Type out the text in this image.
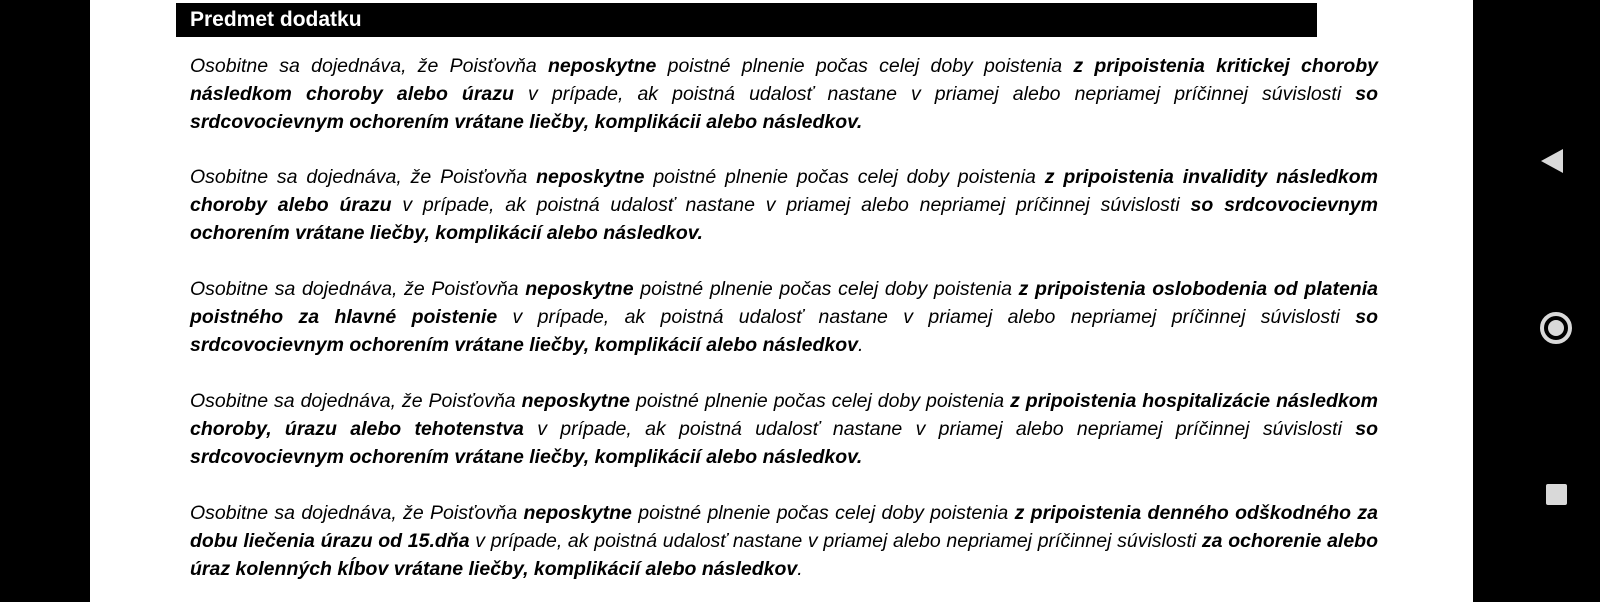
Predmet dodatku

Osobitne sa dojednáva, že Poisťovňa neposkytne poistné plnenie počas celej doby poistenia z pripoistenia kritickej choroby následkom choroby alebo úrazu v prípade, ak poistná udalosť nastane v priamej alebo nepriamej príčinnej súvislosti so srdcovocievnym ochorením vrátane liečby, komplikácii alebo následkov.

Osobitne sa dojednáva, že Poisťovňa neposkytne poistné plnenie počas celej doby poistenia z pripoistenia invalidity následkom choroby alebo úrazu v prípade, ak poistná udalosť nastane v priamej alebo nepriamej príčinnej súvislosti so srdcovocievnym ochorením vrátane liečby, komplikácií alebo následkov.

Osobitne sa dojednáva, že Poisťovňa neposkytne poistné plnenie počas celej doby poistenia z pripoistenia oslobodenia od platenia poistného za hlavné poistenie v prípade, ak poistná udalosť nastane v priamej alebo nepriamej príčinnej súvislosti so srdcovocievnym ochorením vrátane liečby, komplikácií alebo následkov.

Osobitne sa dojednáva, že Poisťovňa neposkytne poistné plnenie počas celej doby poistenia z pripoistenia hospitalizácie následkom choroby, úrazu alebo tehotenstva v prípade, ak poistná udalosť nastane v priamej alebo nepriamej príčinnej súvislosti so srdcovocievnym ochorením vrátane liečby, komplikácií alebo následkov.

Osobitne sa dojednáva, že Poisťovňa neposkytne poistné plnenie počas celej doby poistenia z pripoistenia denného odškodného za dobu liečenia úrazu od 15.dňa v prípade, ak poistná udalosť nastane v priamej alebo nepriamej príčinnej súvislosti za ochorenie alebo úraz kolenných kĺbov vrátane liečby, komplikácií alebo následkov.
